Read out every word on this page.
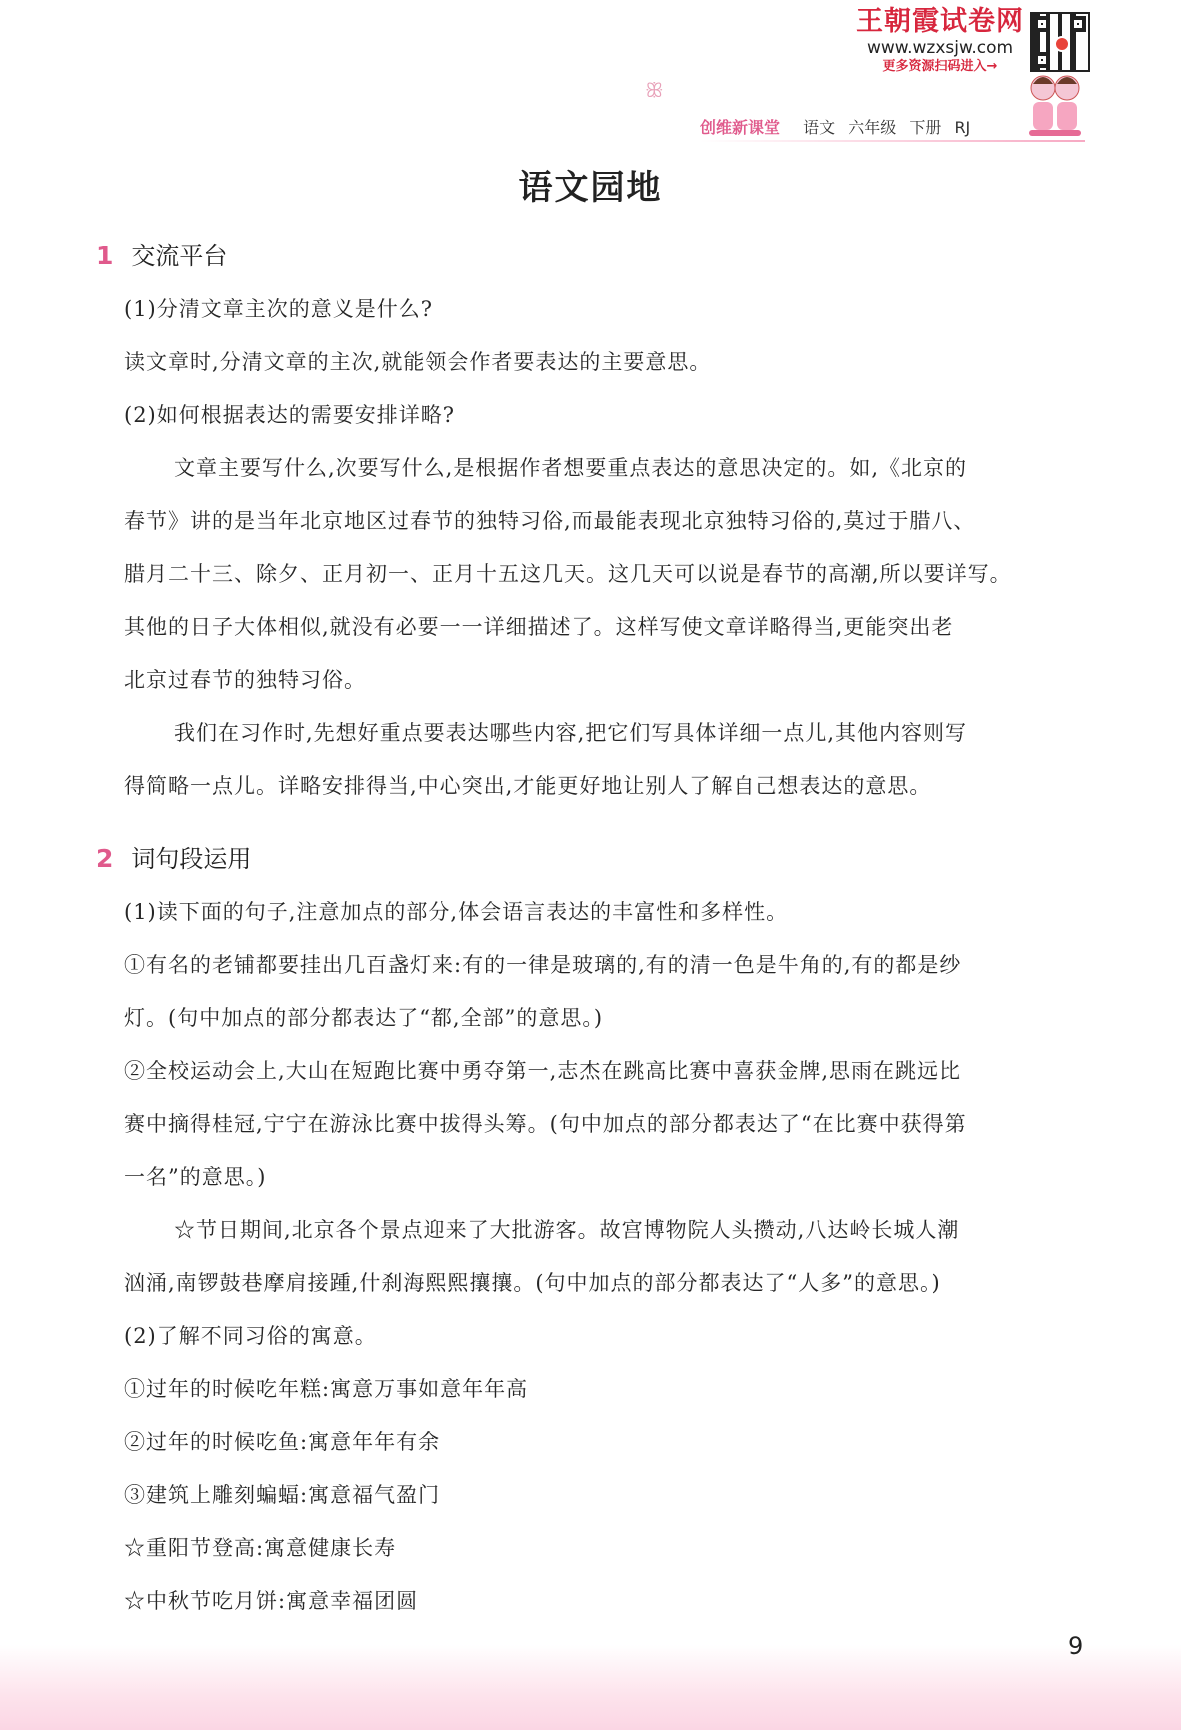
王朝霞试卷网
www.wzxsjw.com
更多资源扫码进入→
ꕥ
创维新课堂 语文 六年级 下册 RJ
语文园地
1 交流平台
(1)分清文章主次的意义是什么?
读文章时,分清文章的主次,就能领会作者要表达的主要意思。
(2)如何根据表达的需要安排详略?
文章主要写什么,次要写什么,是根据作者想要重点表达的意思决定的。如,《北京的
春节》讲的是当年北京地区过春节的独特习俗,而最能表现北京独特习俗的,莫过于腊八、
腊月二十三、除夕、正月初一、正月十五这几天。这几天可以说是春节的高潮,所以要详写。
其他的日子大体相似,就没有必要一一详细描述了。这样写使文章详略得当,更能突出老
北京过春节的独特习俗。
我们在习作时,先想好重点要表达哪些内容,把它们写具体详细一点儿,其他内容则写
得简略一点儿。详略安排得当,中心突出,才能更好地让别人了解自己想表达的意思。
2 词句段运用
(1)读下面的句子,注意加点的部分,体会语言表达的丰富性和多样性。
①有名的老铺都要挂出几百盏灯来:有的一律是玻璃的,有的清一色是牛角的,有的都是纱
灯。(句中加点的部分都表达了“都,全部”的意思。)
②全校运动会上,大山在短跑比赛中勇夺第一,志杰在跳高比赛中喜获金牌,思雨在跳远比
赛中摘得桂冠,宁宁在游泳比赛中拔得头筹。(句中加点的部分都表达了“在比赛中获得第
一名”的意思。)
☆节日期间,北京各个景点迎来了大批游客。故宫博物院人头攒动,八达岭长城人潮
汹涌,南锣鼓巷摩肩接踵,什刹海熙熙攘攘。(句中加点的部分都表达了“人多”的意思。)
(2)了解不同习俗的寓意。
①过年的时候吃年糕:寓意万事如意年年高
②过年的时候吃鱼:寓意年年有余
③建筑上雕刻蝙蝠:寓意福气盈门
☆重阳节登高:寓意健康长寿
☆中秋节吃月饼:寓意幸福团圆
9
